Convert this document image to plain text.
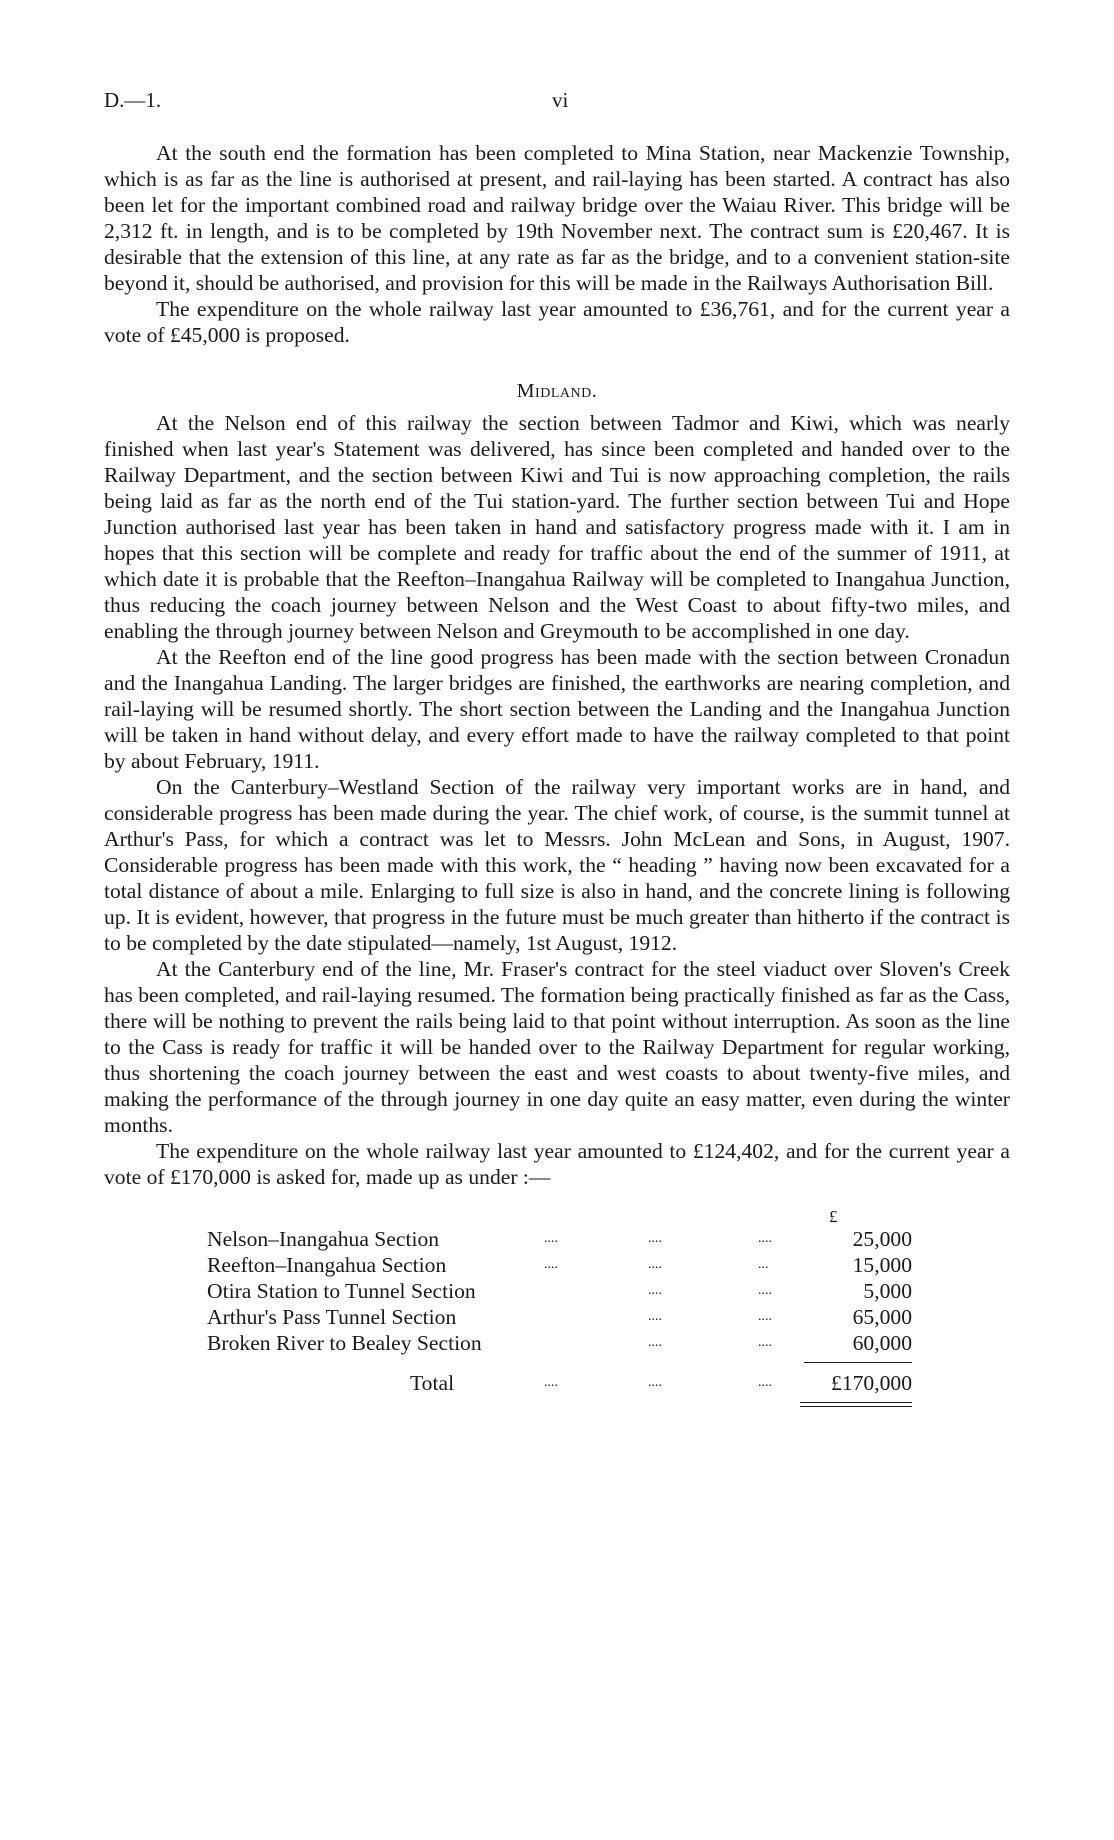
D.—1.	vi

At the south end the formation has been completed to Mina Station, near Mackenzie Township, which is as far as the line is authorised at present, and rail-laying has been started. A contract has also been let for the important combined road and railway bridge over the Waiau River. This bridge will be 2,312 ft. in length, and is to be completed by 19th November next. The contract sum is £20,467. It is desirable that the extension of this line, at any rate as far as the bridge, and to a convenient station-site beyond it, should be authorised, and provision for this will be made in the Railways Authorisation Bill.

The expenditure on the whole railway last year amounted to £36,761, and for the current year a vote of £45,000 is proposed.

Midland.

At the Nelson end of this railway the section between Tadmor and Kiwi, which was nearly finished when last year's Statement was delivered, has since been completed and handed over to the Railway Department, and the section between Kiwi and Tui is now approaching completion, the rails being laid as far as the north end of the Tui station-yard. The further section between Tui and Hope Junction authorised last year has been taken in hand and satisfactory progress made with it. I am in hopes that this section will be complete and ready for traffic about the end of the summer of 1911, at which date it is probable that the Reefton–Inangahua Railway will be completed to Inangahua Junction, thus reducing the coach journey between Nelson and the West Coast to about fifty-two miles, and enabling the through journey between Nelson and Greymouth to be accomplished in one day.

At the Reefton end of the line good progress has been made with the section between Cronadun and the Inangahua Landing. The larger bridges are finished, the earthworks are nearing completion, and rail-laying will be resumed shortly. The short section between the Landing and the Inangahua Junction will be taken in hand without delay, and every effort made to have the railway completed to that point by about February, 1911.

On the Canterbury–Westland Section of the railway very important works are in hand, and considerable progress has been made during the year. The chief work, of course, is the summit tunnel at Arthur's Pass, for which a contract was let to Messrs. John McLean and Sons, in August, 1907. Considerable progress has been made with this work, the “ heading ” having now been excavated for a total distance of about a mile. Enlarging to full size is also in hand, and the concrete lining is following up. It is evident, however, that progress in the future must be much greater than hitherto if the contract is to be completed by the date stipulated—namely, 1st August, 1912.

At the Canterbury end of the line, Mr. Fraser's contract for the steel viaduct over Sloven's Creek has been completed, and rail-laying resumed. The formation being practically finished as far as the Cass, there will be nothing to prevent the rails being laid to that point without interruption. As soon as the line to the Cass is ready for traffic it will be handed over to the Railway Department for regular working, thus shortening the coach journey between the east and west coasts to about twenty-five miles, and making the performance of the through journey in one day quite an easy matter, even during the winter months.

The expenditure on the whole railway last year amounted to £124,402, and for the current year a vote of £170,000 is asked for, made up as under :—

£
Nelson–Inangahua Section	....	....	....	25,000
Reefton–Inangahua Section	....	....	...	15,000
Otira Station to Tunnel Section	....	....	5,000
Arthur's Pass Tunnel Section	....	....	65,000
Broken River to Bealey Section	....	....	60,000
Total	....	....	....	£170,000
